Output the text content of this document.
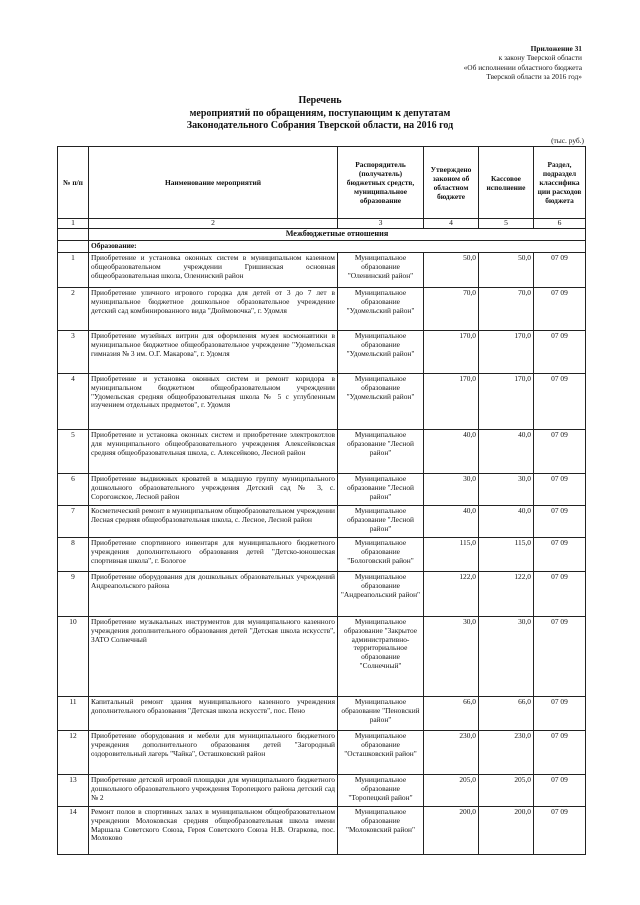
Приложение 31
к закону Тверской области
«Об исполнении областного бюджета
Тверской области за 2016 год»
Перечень
мероприятий по обращениям, поступающим к депутатам
Законодательного Собрания Тверской области, на 2016 год
(тыс. руб.)
№ п/п	Наименование мероприятий	Распорядитель (получатель) бюджетных средств, муниципальное образование	Утверждено законом об областном бюджете	Кассовое исполнение	Раздел, подраздел классифика ции расходов бюджета
1	2	3	4	5	6
	Межбюджетные отношения				
	Образование:				
1	Приобретение и установка оконных систем в муниципальном казенном общеобразовательном учреждении Гришинская основная общеобразовательная школа, Оленинский район	Муниципальное образование "Оленинский район"	50,0	50,0	07 09
2	Приобретение уличного игрового городка для детей от 3 до 7 лет в муниципальное бюджетное дошкольное образовательное учреждение детский сад комбинированного вида "Дюймовочка", г. Удомля	Муниципальное образование "Удомельский район"	70,0	70,0	07 09
3	Приобретение музейных витрин для оформления музея космонавтики в муниципальное бюджетное общеобразовательное учреждение "Удомельская гимназия № 3 им. О.Г. Макарова", г. Удомля	Муниципальное образование "Удомельский район"	170,0	170,0	07 09
4	Приобретение и установка оконных систем и ремонт коридора в муниципальном бюджетном общеобразовательном учреждении "Удомельская средняя общеобразовательная школа № 5 с углубленным изучением отдельных предметов", г. Удомля	Муниципальное образование "Удомельский район"	170,0	170,0	07 09
5	Приобретение и установка оконных систем и приобретение электрокотлов для муниципального общеобразовательного учреждения Алексейковская средняя общеобразовательная школа, с. Алексейково, Лесной район	Муниципальное образование "Лесной район"	40,0	40,0	07 09
6	Приобретение выдвижных кроватей в младшую группу муниципального дошкольного образовательного учреждения Детский сад № 3, с. Сорогожское, Лесной район	Муниципальное образование "Лесной район"	30,0	30,0	07 09
7	Косметический ремонт в муниципальном общеобразовательном учреждении Лесная средняя общеобразовательная школа, с. Лесное, Лесной район	Муниципальное образование "Лесной район"	40,0	40,0	07 09
8	Приобретение спортивного инвентаря для муниципального бюджетного учреждения дополнительного образования детей "Детско-юношеская спортивная школа", г. Бологое	Муниципальное образование "Бологовский район"	115,0	115,0	07 09
9	Приобретение оборудования для дошкольных образовательных учреждений Андреапольского района	Муниципальное образование "Андреапольский район"	122,0	122,0	07 09
10	Приобретение музыкальных инструментов для муниципального казенного учреждения дополнительного образования детей "Детская школа искусств", ЗАТО Солнечный	Муниципальное образование "Закрытое административно-территориальное образование "Солнечный"	30,0	30,0	07 09
11	Капитальный ремонт здания муниципального казенного учреждения дополнительного образования "Детская школа искусств", пос. Пено	Муниципальное образование "Пеновский район"	66,0	66,0	07 09
12	Приобретение оборудования и мебели для муниципального бюджетного учреждения дополнительного образования детей "Загородный оздоровительный лагерь "Чайка", Осташковский район	Муниципальное образование "Осташковский район"	230,0	230,0	07 09
13	Приобретение детской игровой площадки для муниципального бюджетного дошкольного образовательного учреждения Торопецкого района детский сад № 2	Муниципальное образование "Торопецкий район"	205,0	205,0	07 09
14	Ремонт полов в спортивных залах в муниципальном общеобразовательном учреждении Молоковская средняя общеобразовательная школа имени Маршала Советского Союза, Героя Советского Союза Н.В. Огаркова, пос. Молоково	Муниципальное образование "Молоковский район"	200,0	200,0	07 09
